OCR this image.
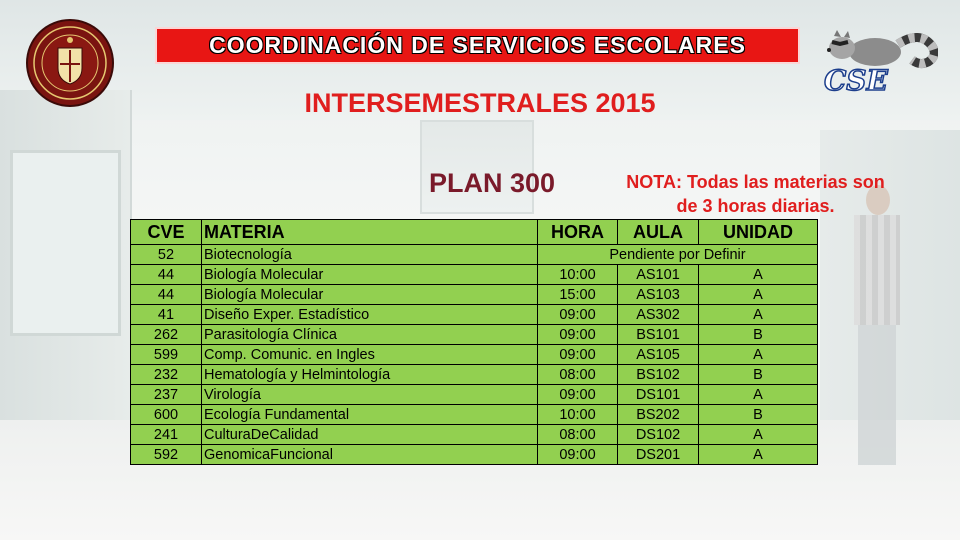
CSE
COORDINACIÓN DE SERVICIOS ESCOLARES
INTERSEMESTRALES 2015
PLAN 300	NOTA: Todas las materias son
de 3 horas diarias.
CVE	MATERIA	HORA	AULA	UNIDAD
52	Biotecnología	Pendiente por Definir		
44	Biología Molecular	10:00	AS101	A
44	Biología Molecular	15:00	AS103	A
41	Diseño Exper. Estadístico	09:00	AS302	A
262	Parasitología Clínica	09:00	BS101	B
599	Comp. Comunic. en Ingles	09:00	AS105	A
232	Hematología y Helmintología	08:00	BS102	B
237	Virología	09:00	DS101	A
600	Ecología Fundamental	10:00	BS202	B
241	CulturaDeCalidad	08:00	DS102	A
592	GenomicaFuncional	09:00	DS201	A
